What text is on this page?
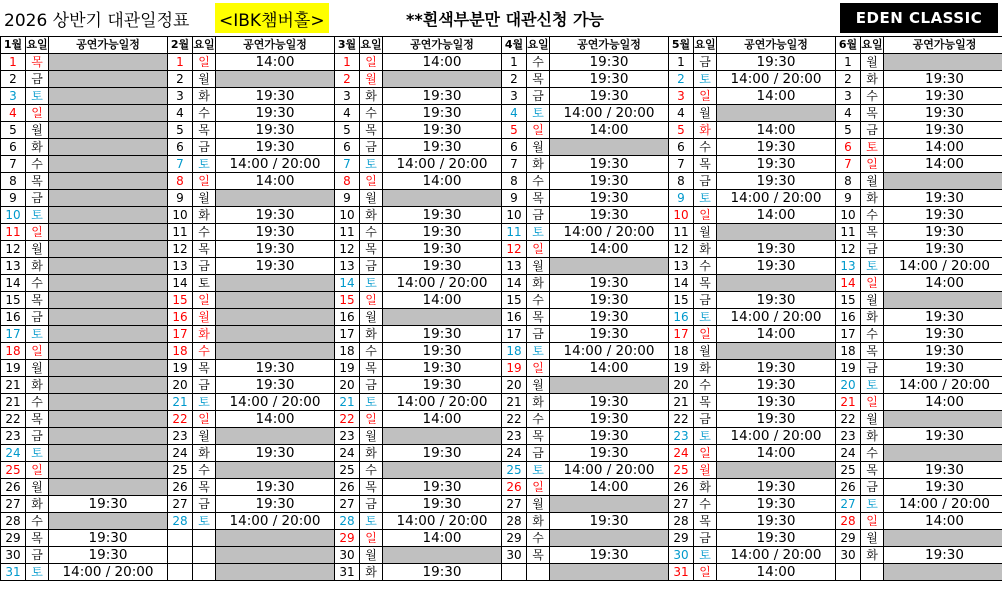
2026 상반기 대관일정표 <IBK챔버홀>	**흰색부분만 대관신청 가능	EDEN CLASSIC
1월	요일	공연가능일정	2월	요일	공연가능일정	3월	요일	공연가능일정	4월	요일	공연가능일정	5월	요일	공연가능일정	6월	요일	공연가능일정
1	목		1	일	14:00	1	일	14:00	1	수	19:30	1	금	19:30	1	월	
2	금		2	월		2	월		2	목	19:30	2	토	14:00 / 20:00	2	화	19:30
3	토		3	화	19:30	3	화	19:30	3	금	19:30	3	일	14:00	3	수	19:30
4	일		4	수	19:30	4	수	19:30	4	토	14:00 / 20:00	4	월		4	목	19:30
5	월		5	목	19:30	5	목	19:30	5	일	14:00	5	화	14:00	5	금	19:30
6	화		6	금	19:30	6	금	19:30	6	월		6	수	19:30	6	토	14:00
7	수		7	토	14:00 / 20:00	7	토	14:00 / 20:00	7	화	19:30	7	목	19:30	7	일	14:00
8	목		8	일	14:00	8	일	14:00	8	수	19:30	8	금	19:30	8	월	
9	금		9	월		9	월		9	목	19:30	9	토	14:00 / 20:00	9	화	19:30
10	토		10	화	19:30	10	화	19:30	10	금	19:30	10	일	14:00	10	수	19:30
11	일		11	수	19:30	11	수	19:30	11	토	14:00 / 20:00	11	월		11	목	19:30
12	월		12	목	19:30	12	목	19:30	12	일	14:00	12	화	19:30	12	금	19:30
13	화		13	금	19:30	13	금	19:30	13	월		13	수	19:30	13	토	14:00 / 20:00
14	수		14	토		14	토	14:00 / 20:00	14	화	19:30	14	목		14	일	14:00
15	목		15	일		15	일	14:00	15	수	19:30	15	금	19:30	15	월	
16	금		16	월		16	월		16	목	19:30	16	토	14:00 / 20:00	16	화	19:30
17	토		17	화		17	화	19:30	17	금	19:30	17	일	14:00	17	수	19:30
18	일		18	수		18	수	19:30	18	토	14:00 / 20:00	18	월		18	목	19:30
19	월		19	목	19:30	19	목	19:30	19	일	14:00	19	화	19:30	19	금	19:30
21	화		20	금	19:30	20	금	19:30	20	월		20	수	19:30	20	토	14:00 / 20:00
21	수		21	토	14:00 / 20:00	21	토	14:00 / 20:00	21	화	19:30	21	목	19:30	21	일	14:00
22	목		22	일	14:00	22	일	14:00	22	수	19:30	22	금	19:30	22	월	
23	금		23	월		23	월		23	목	19:30	23	토	14:00 / 20:00	23	화	19:30
24	토		24	화	19:30	24	화	19:30	24	금	19:30	24	일	14:00	24	수	
25	일		25	수		25	수		25	토	14:00 / 20:00	25	월		25	목	19:30
26	월		26	목	19:30	26	목	19:30	26	일	14:00	26	화	19:30	26	금	19:30
27	화	19:30	27	금	19:30	27	금	19:30	27	월		27	수	19:30	27	토	14:00 / 20:00
28	수		28	토	14:00 / 20:00	28	토	14:00 / 20:00	28	화	19:30	28	목	19:30	28	일	14:00
29	목	19:30				29	일	14:00	29	수		29	금	19:30	29	월	
30	금	19:30				30	월		30	목	19:30	30	토	14:00 / 20:00	30	화	19:30
31	토	14:00 / 20:00				31	화	19:30				31	일	14:00			
